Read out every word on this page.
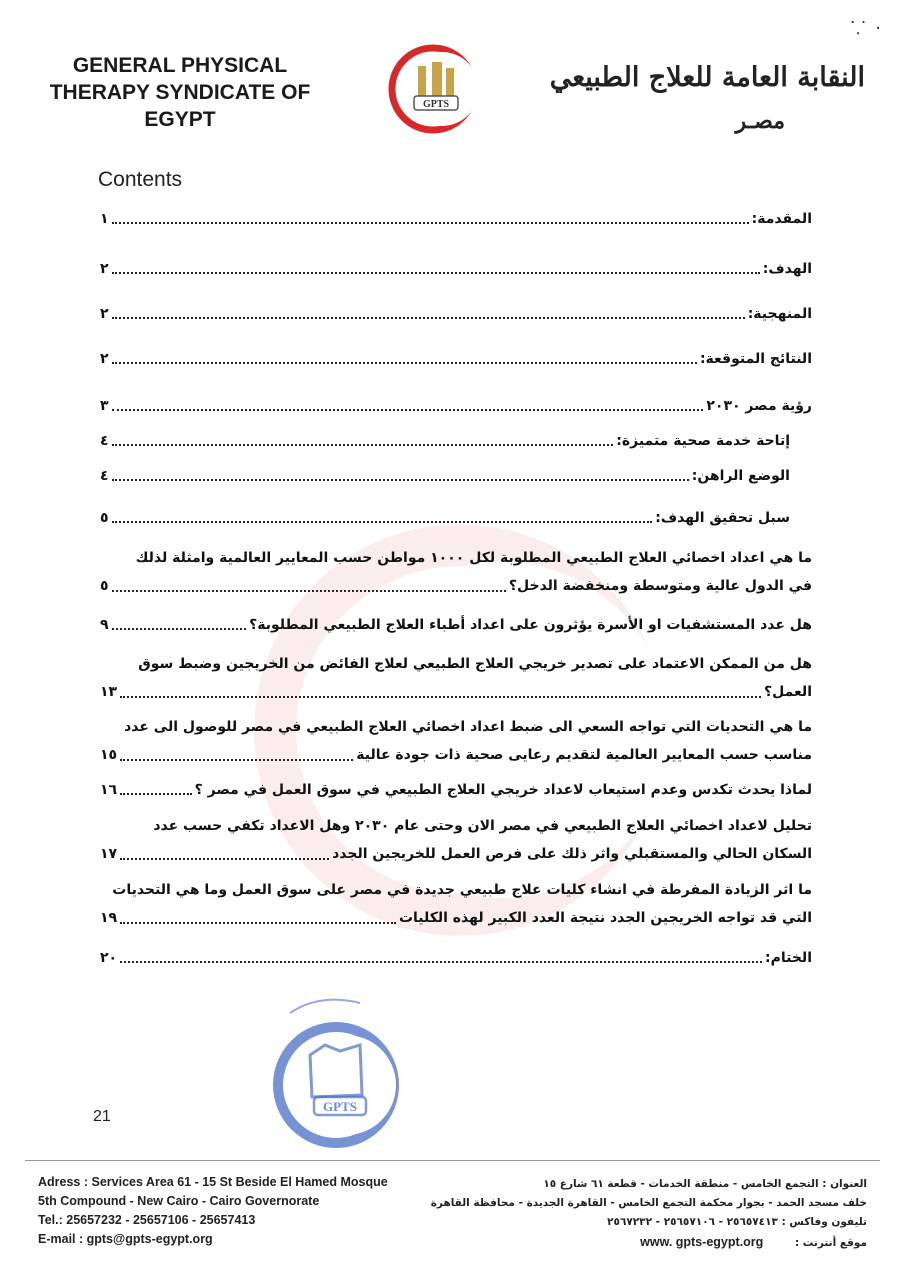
⸪ ·
GENERAL PHYSICAL THERAPY SYNDICATE OF EGYPT
GPTS
النقابة العامة للعلاج الطبيعي
مصـر
Contents
المقدمة:
١
الهدف:
٢
المنهجية:
٢
النتائج المتوقعة:
٢
رؤية مصر ٢٠٣٠
٣
إتاحة خدمة صحية متميزة:
٤
الوضع الراهن:
٤
سبل تحقيق الهدف:
٥
ما هي اعداد اخصائي العلاج الطبيعي المطلوبة لكل ١٠٠٠ مواطن حسب المعايير العالمية وامثلة لذلك
في الدول عالية ومتوسطة ومنخفضة الدخل؟
٥
هل عدد المستشفيات او الأسرة يؤثرون على اعداد أطباء العلاج الطبيعي المطلوبة؟
٩
هل من الممكن الاعتماد على تصدير خريجي العلاج الطبيعي لعلاج الفائض من الخريجين وضبط سوق
العمل؟
١٣
ما هي التحديات التي تواجه السعي الى ضبط اعداد اخصائي العلاج الطبيعي في مصر للوصول الى عدد
مناسب حسب المعايير العالمية لتقديم رعايى صحية ذات جودة عالية
١٥
لماذا يحدث تكدس وعدم استيعاب لاعداد خريجي العلاج الطبيعي في سوق العمل في مصر ؟
١٦
تحليل لاعداد اخصائي العلاج الطبيعي في مصر الان وحتى عام ٢٠٣٠ وهل الاعداد تكفي حسب عدد
السكان الحالي والمستقبلي واثر ذلك على فرص العمل للخريجين الجدد
١٧
ما اثر الزيادة المفرطة في انشاء كليات علاج طبيعي جديدة في مصر على سوق العمل وما هي التحديات
التي قد تواجه الخريجين الجدد نتيجة العدد الكبير لهذه الكليات
١٩
الختام:
٢٠
21
GPTS
Adress : Services Area 61 - 15 St Beside El Hamed Mosque
5th Compound - New Cairo - Cairo Governorate
Tel.: 25657232 - 25657106 - 25657413
E-mail : gpts@gpts-egypt.org
العنوان : التجمع الخامس - منطقة الخدمات - قطعة ٦١ شارع ١٥
خلف مسجد الحمد - بجوار محكمة التجمع الخامس - القاهرة الجديدة - محافظة القاهرة
تليفون وفاكس : ٢٥٦٥٧٤١٣ - ٢٥٦٥٧١٠٦ - ٢٥٦٧٢٣٢
موقع أنترنت : www. gpts-egypt.org
